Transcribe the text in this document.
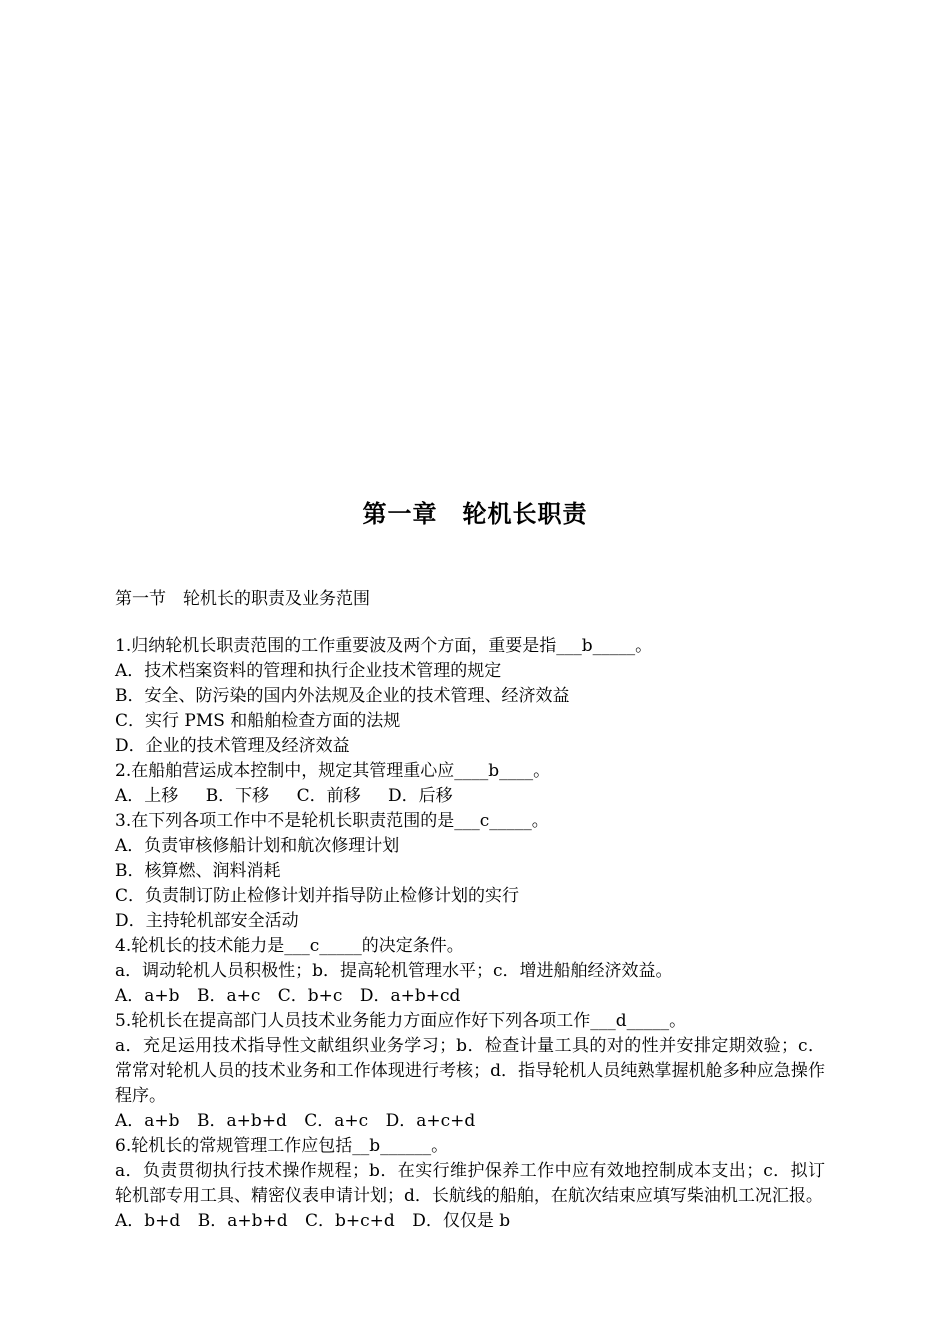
第一章　轮机长职责
第一节　轮机长的职责及业务范围
1.归纳轮机长职责范围的工作重要波及两个方面，重要是指___b_____。
A．技术档案资料的管理和执行企业技术管理的规定
B．安全、防污染的国内外法规及企业的技术管理、经济效益
C．实行 PMS 和船舶检查方面的法规
D．企业的技术管理及经济效益
2.在船舶营运成本控制中，规定其管理重心应____b____。
A．上移 B．下移 C．前移 D．后移
3.在下列各项工作中不是轮机长职责范围的是___c_____。
A．负责审核修船计划和航次修理计划
B．核算燃、润料消耗
C．负责制订防止检修计划并指导防止检修计划的实行
D．主持轮机部安全活动
4.轮机长的技术能力是___c_____的决定条件。
a．调动轮机人员积极性；b．提高轮机管理水平；c．增进船舶经济效益。
A．a+b B．a+c C．b+c D．a+b+cd
5.轮机长在提高部门人员技术业务能力方面应作好下列各项工作___d_____。
a．充足运用技术指导性文献组织业务学习；b．检查计量工具的对的性并安排定期效验；c．常常对轮机人员的技术业务和工作体现进行考核；d．指导轮机人员纯熟掌握机舱多种应急操作程序。
A．a+b B．a+b+d C．a+c D．a+c+d
6.轮机长的常规管理工作应包括__b______。
a．负责贯彻执行技术操作规程；b．在实行维护保养工作中应有效地控制成本支出；c．拟订轮机部专用工具、精密仪表申请计划；d．长航线的船舶，在航次结束应填写柴油机工况汇报。
A．b+d B．a+b+d C．b+c+d D．仅仅是 b
